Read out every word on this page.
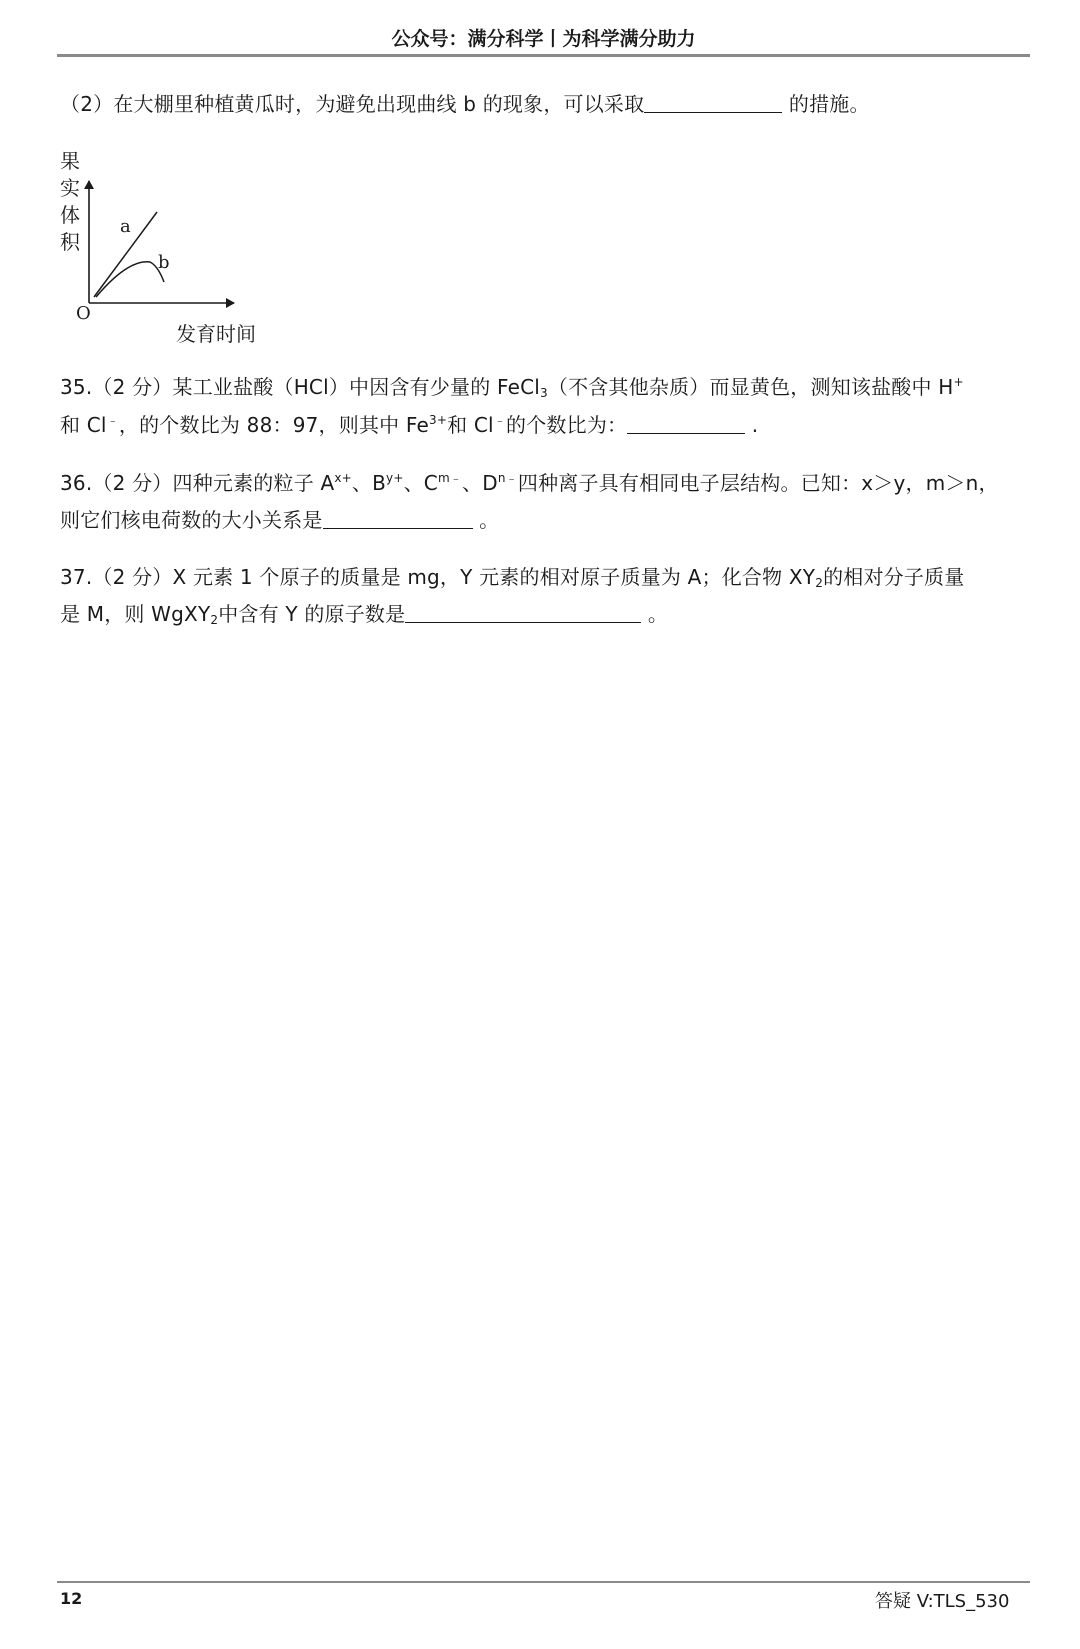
公众号：满分科学丨为科学满分助力
（2）在大棚里种植黄瓜时，为避免出现曲线 b 的现象，可以采取	的措施。
果
实
体
积
O
发育时间
a
b
35.（2 分）某工业盐酸（HCl）中因含有少量的 FeCl$_3$（不含其他杂质）而显黄色，测知该盐酸中 H+
和 Cl﹣，的个数比为 88：97，则其中 $Fe^{3+}$和 Cl﹣的个数比为：	.
36.（2 分）四种元素的粒子 $A^{x+}$、$B^{y+}$、$C^{m﹣}$、$D^{n﹣}$四种离子具有相同电子层结构。已知：x＞y，m＞n，
则它们核电荷数的大小关系是	。
37.（2 分）X 元素 1 个原子的质量是 mg，Y 元素的相对原子质量为 A；化合物 $XY_2$的相对分子质量
是 M，则 WgXY$_2$中含有 Y 的原子数是	。
12	答疑 V:TLS_530
